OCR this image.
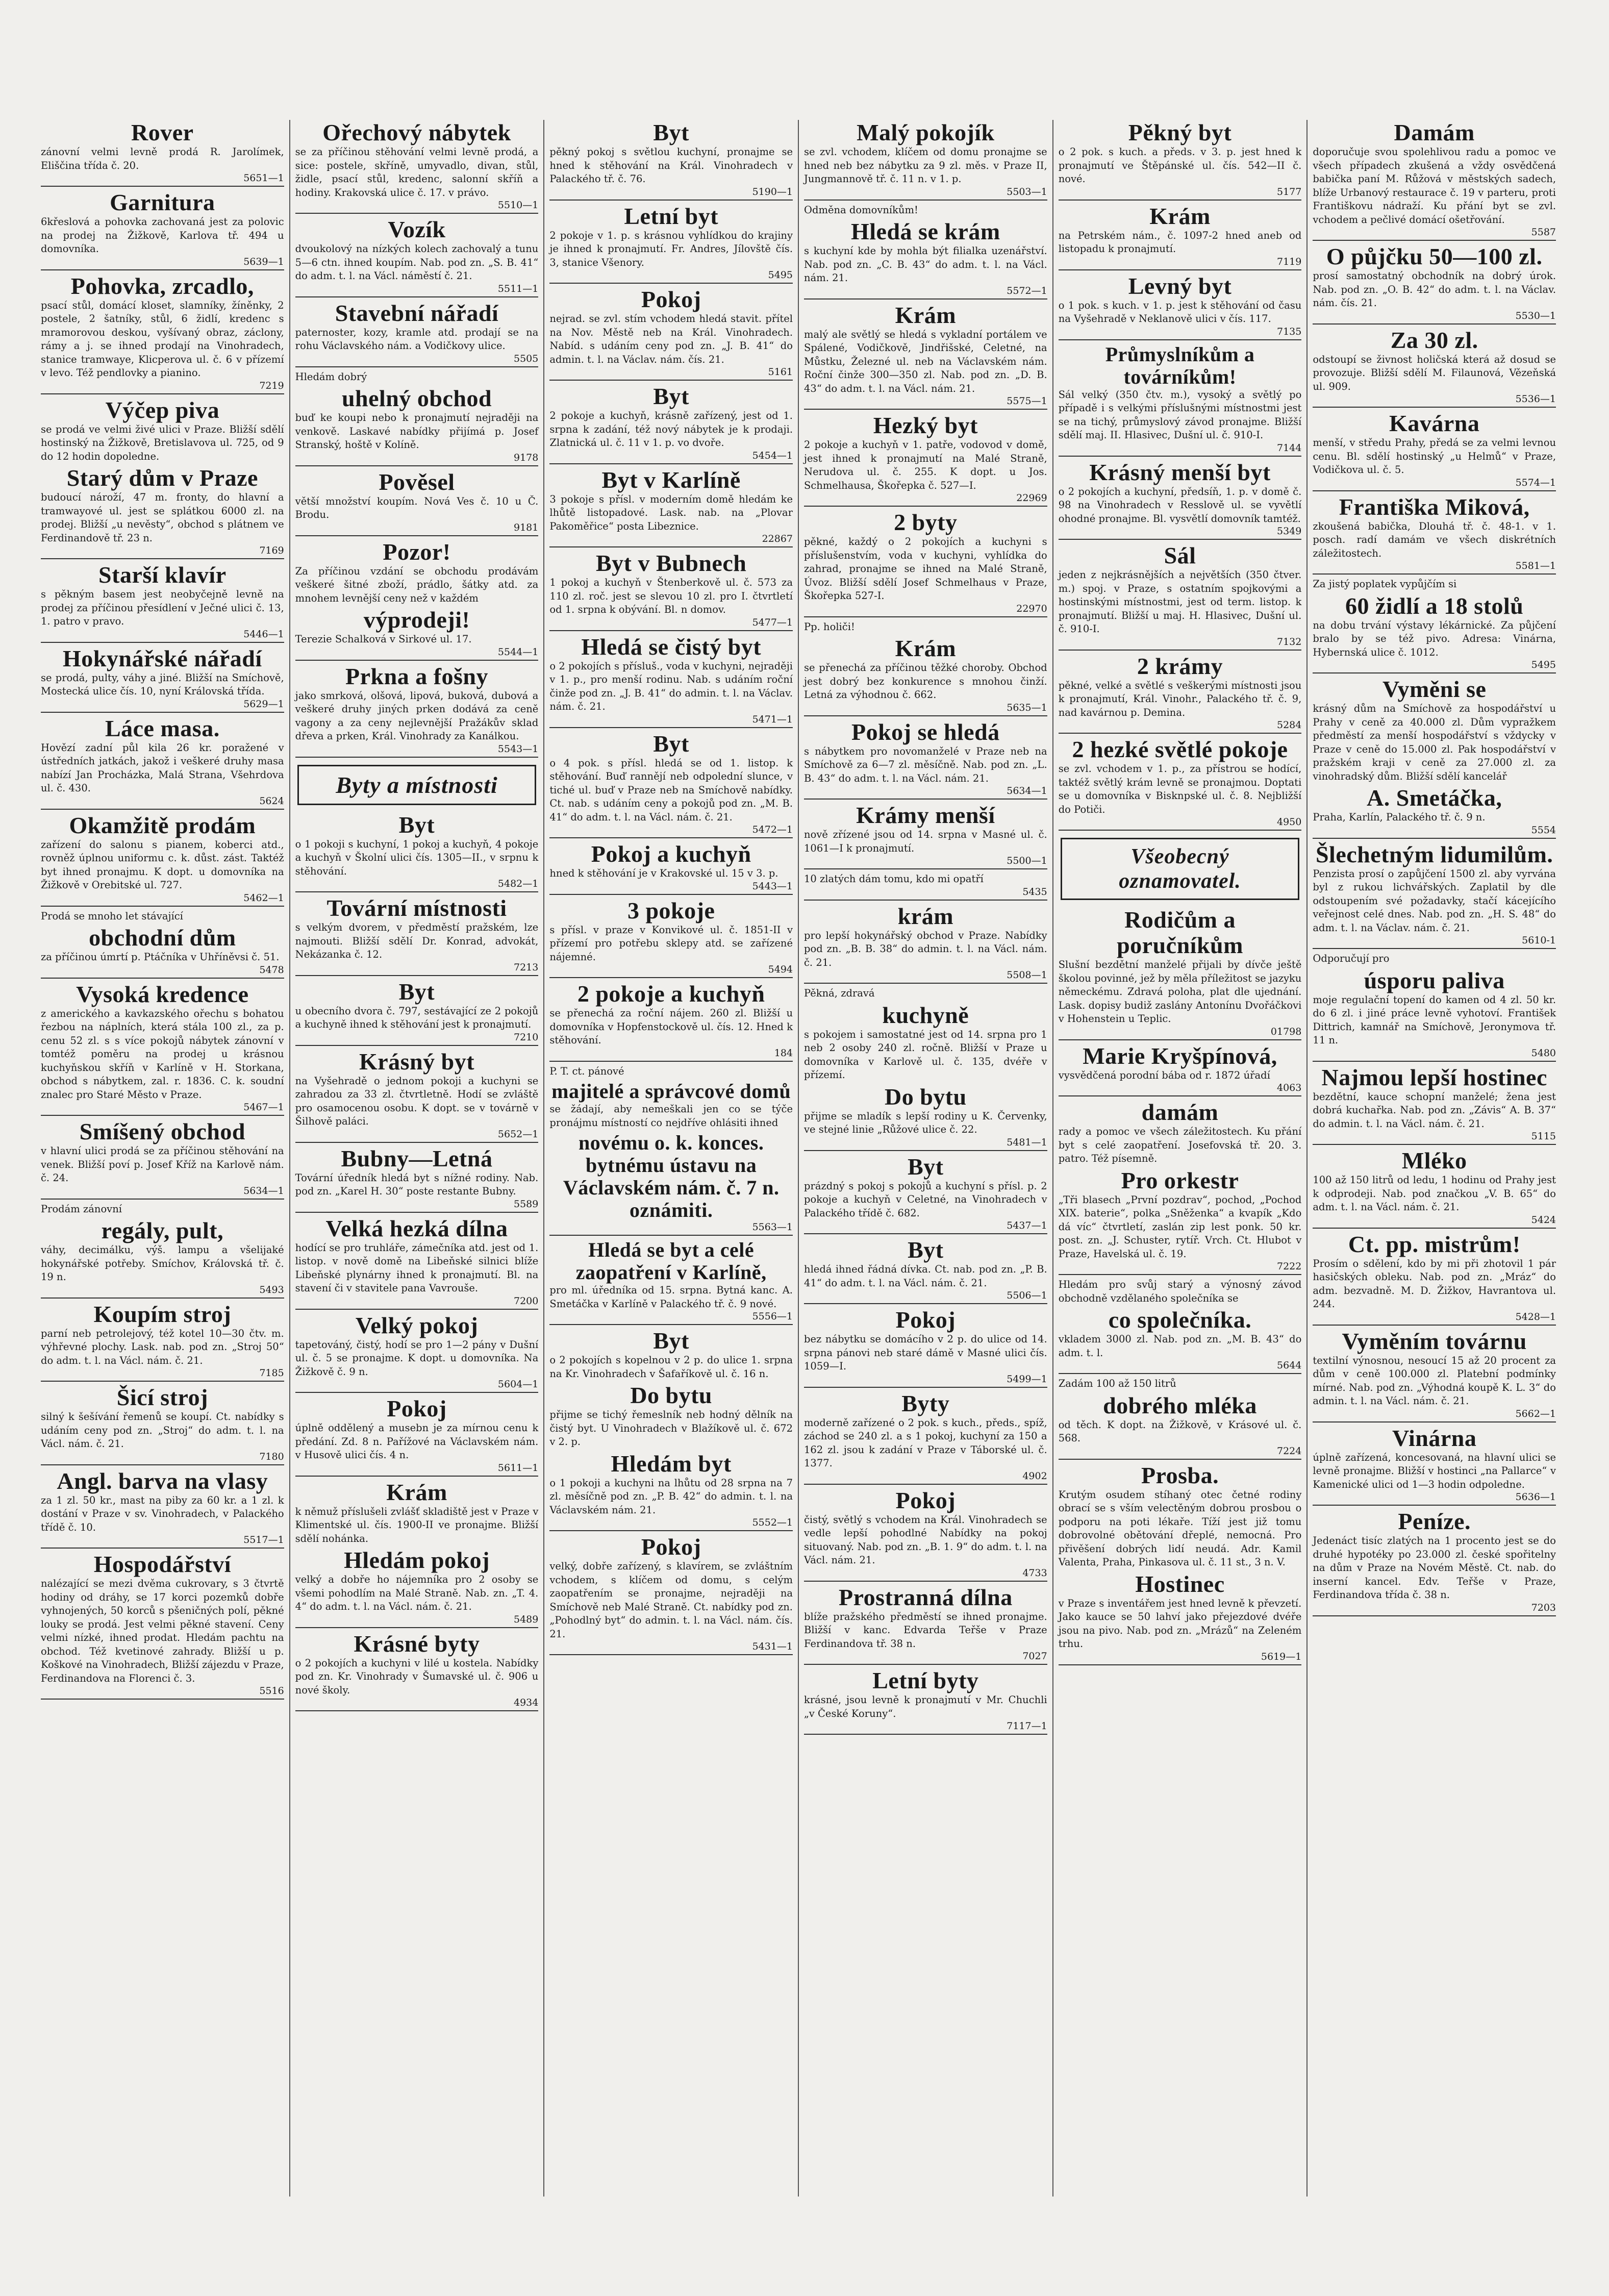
Rover

zánovní velmi levně prodá R. Jarolímek, Eliščina třída č. 20.

5651—1
Garnitura

6křeslová a pohovka zachovaná jest za polovic na prodej na Žižkově, Karlova tř. 494 u domovníka.

5639—1
Pohovka, zrcadlo,

psací stůl, domácí kloset, slamníky, žíněnky, 2 postele, 2 šatníky, stůl, 6 židlí, kredenc s mramorovou deskou, vyšívaný obraz, záclony, rámy a j. se ihned prodají na Vinohradech, stanice tramwaye, Klicperova ul. č. 6 v přízemí v levo. Též pendlovky a pianino.

7219
Výčep piva

se prodá ve velmi živé ulici v Praze. Bližší sdělí hostinský na Žižkově, Bretislavova ul. 725, od 9 do 12 hodin dopoledne.

Starý dům v Praze

budoucí nároží, 47 m. fronty, do hlavní a tramwayové ul. jest se splátkou 6000 zl. na prodej. Bližší „u nevěsty“, obchod s plátnem ve Ferdinandově tř. 23 n.

7169
Starší klavír

s pěkným basem jest neobyčejně levně na prodej za příčinou přesídlení v Ječné ulici č. 13, 1. patro v pravo.

5446—1
Hokynářské nářadí

se prodá, pulty, váhy a jiné. Bližší na Smíchově, Mostecká ulice čís. 10, nyní Královská třída.

5629—1
Láce masa.

Hovězí zadní půl kila 26 kr. poražené v ústředních jatkách, jakož i veškeré druhy masa nabízí Jan Procházka, Malá Strana, Všehrdova ul. č. 430.

5624
Okamžitě prodám

zařízení do salonu s pianem, koberci atd., rovněž úplnou uniformu c. k. důst. zást. Taktéž byt ihned pronajmu. K dopt. u domovníka na Žižkově v Orebitské ul. 727.

5462—1

Prodá se mnoho let stávající

obchodní dům

za příčinou úmrtí p. Ptáčníka v Uhříněvsi č. 51.

5478
Vysoká kredence

z amerického a kavkazského ořechu s bohatou řezbou na náplních, která stála 100 zl., za p. cenu 52 zl. s s více pokojů nábytek zánovní v tomtéž poměru na prodej u krásnou kuchyňskou skříň v Karlíně v H. Storkana, obchod s nábytkem, zal. r. 1836. C. k. soudní znalec pro Staré Město v Praze.

5467—1
Smíšený obchod

v hlavní ulici prodá se za příčinou stěhování na venek. Bližší poví p. Josef Kříž na Karlově nám. č. 24.

5634—1

Prodám zánovní

regály, pult,

váhy, decimálku, výš. lampu a všelijaké hokynářské potřeby. Smíchov, Královská tř. č. 19 n.

5493
Koupím stroj

parní neb petrolejový, též kotel 10—30 čtv. m. výhřevné plochy. Lask. nab. pod zn. „Stroj 50“ do adm. t. l. na Václ. nám. č. 21.

7185
Šicí stroj

silný k šešívání řemenů se koupí. Ct. nabídky s udáním ceny pod zn. „Stroj“ do adm. t. l. na Václ. nám. č. 21.

7180
Angl. barva na vlasy

za 1 zl. 50 kr., mast na piby za 60 kr. a 1 zl. k dostání v Praze v sv. Vinohradech, v Palackého třídě č. 10.

5517—1
Hospodářství

nalézající se mezi dvěma cukrovary, s 3 čtvrtě hodiny od dráhy, se 17 korci pozemků dobře vyhnojených, 50 korců s pšeničných polí, pěkné louky se prodá. Jest velmi pěkné stavení. Ceny velmi nízké, ihned prodat. Hledám pachtu na obchod. Též kvetinové zahrady. Bližší u p. Koškové na Vinohradech, Bližší zájezdu v Praze, Ferdinandova na Florenci č. 3.

5516
Ořechový nábytek

se za příčinou stěhování velmi levně prodá, a sice: postele, skříně, umyvadlo, divan, stůl, židle, psací stůl, kredenc, salonní skříň a hodiny. Krakovská ulice č. 17. v právo.

5510—1
Vozík

dvoukolový na nízkých kolech zachovalý a tunu 5—6 ctn. ihned koupím. Nab. pod zn. „S. B. 41“ do adm. t. l. na Václ. náměstí č. 21.

5511—1
Stavební nářadí

paternoster, kozy, kramle atd. prodají se na rohu Václavského nám. a Vodičkovy ulice.

5505

Hledám dobrý

uhelný obchod

buď ke koupi nebo k pronajmutí nejraději na venkově. Laskavé nabídky přijímá p. Josef Stranský, hoště v Kolíně.

9178
Pověsel

větší množství koupím. Nová Ves č. 10 u Č. Brodu.

9181
Pozor!

Za příčinou vzdání se obchodu prodávám veškeré šitné zboží, prádlo, šátky atd. za mnohem levnější ceny než v každém

výprodeji!

Terezie Schalková v Sirkové ul. 17.

5544—1
Prkna a fošny

jako smrková, olšová, lipová, buková, dubová a veškeré druhy jiných prken dodává za ceně vagony a za ceny nejlevnější Pražákův sklad dřeva a prken, Král. Vinohrady za Kanálkou.

5543—1
Byty a místnosti
Byt

o 1 pokoji s kuchyní, 1 pokoj a kuchyň, 4 pokoje a kuchyň v Školní ulici čís. 1305—II., v srpnu k stěhování.

5482—1
Tovární místnosti

s velkým dvorem, v předměstí pražském, lze najmouti. Bližší sdělí Dr. Konrad, advokát, Nekázanka č. 12.

7213
Byt

u obecního dvora č. 797, sestávající ze 2 pokojů a kuchyně ihned k stěhování jest k pronajmutí.

7210
Krásný byt

na Vyšehradě o jednom pokoji a kuchyni se zahradou za 33 zl. čtvrtletně. Hodí se zvláště pro osamocenou osobu. K dopt. se v továrně v Šilhově paláci.

5652—1
Bubny—Letná

Tovární úředník hledá byt s nížné rodiny. Nab. pod zn. „Karel H. 30“ poste restante Bubny.

5589
Velká hezká dílna

hodící se pro truhláře, zámečníka atd. jest od 1. listop. v nově domě na Libeňské silnici blíže Libeňské plynárny ihned k pronajmutí. Bl. na stavení či v stavitele pana Vavrouše.

7200
Velký pokoj

tapetováný, čistý, hodí se pro 1—2 pány v Dušní ul. č. 5 se pronajme. K dopt. u domovníka. Na Žižkově č. 9 n.

5604—1
Pokoj

úplně oddělený a musebn je za mírnou cenu k předání. Zd. 8 n. Pařížové na Václavském nám. v Husově ulici čís. 4 n.

5611—1
Krám

k němuž příslušeli zvlášť skladiště jest v Praze v Klimentské ul. čís. 1900-II ve pronajme. Bližší sdělí nohánka.

Hledám pokoj

velký a dobře ho nájemníka pro 2 osoby se všemi pohodlím na Malé Straně. Nab. zn. „T. 4. 4“ do adm. t. l. na Václ. nám. č. 21.

5489
Krásné byty

o 2 pokojích a kuchyni v lilé u kostela. Nabídky pod zn. Kr. Vinohrady v Šumavské ul. č. 906 u nové školy.

4934
Byt

pěkný pokoj s světlou kuchyní, pronajme se hned k stěhování na Král. Vinohradech v Palackého tř. č. 76.

5190—1
Letní byt

2 pokoje v 1. p. s krásnou vyhlídkou do krajiny je ihned k pronajmutí. Fr. Andres, Jílovště čís. 3, stanice Všenory.

5495
Pokoj

nejrad. se zvl. stím vchodem hledá stavit. přítel na Nov. Městě neb na Král. Vinohradech. Nabíd. s udáním ceny pod zn. „J. B. 41“ do admin. t. l. na Václav. nám. čís. 21.

5161
Byt

2 pokoje a kuchyň, krásně zařízený, jest od 1. srpna k zadání, též nový nábytek je k prodaji. Zlatnická ul. č. 11 v 1. p. vo dvoře.

5454—1
Byt v Karlíně

3 pokoje s přísl. v moderním domě hledám ke lhůtě listopadové. Lask. nab. na „Plovar Pakoměřice“ posta Libeznice.

22867
Byt v Bubnech

1 pokoj a kuchyň v Štenberkově ul. č. 573 za 110 zl. roč. jest se slevou 10 zl. pro I. čtvrtletí od 1. srpna k obývání. Bl. n domov.

5477—1
Hledá se čistý byt

o 2 pokojích s přísluš., voda v kuchyni, nejraději v 1. p., pro menší rodinu. Nab. s udáním roční činže pod zn. „J. B. 41“ do admin. t. l. na Václav. nám. č. 21.

5471—1
Byt

o 4 pok. s přísl. hledá se od 1. listop. k stěhování. Buď rannějí neb odpolední slunce, v tiché ul. buď v Praze neb na Smíchově nabídky. Ct. nab. s udáním ceny a pokojů pod zn. „M. B. 41“ do adm. t. l. na Václ. nám. č. 21.

5472—1
Pokoj a kuchyň

hned k stěhování je v Krakovské ul. 15 v 3. p.

5443—1
3 pokoje

s přísl. v praze v Konvikové ul. č. 1851-II v přízemí pro potřebu sklepy atd. se zařízené nájemné.

5494
2 pokoje a kuchyň

se přenechá za roční nájem. 260 zl. Bližší u domovníka v Hopfenstockově ul. čís. 12. Hned k stěhování.

184

P. T. ct. pánové

majitelé a správcové domů

se žádají, aby nemeškali jen co se týče pronájmu místností co nejdříve ohlásiti ihned

novému o. k. konces. bytnému ústavu na Václavském nám. č. 7 n. oznámiti.
5563—1
Hledá se byt a celé zaopatření v Karlíně,

pro ml. úředníka od 15. srpna. Bytná kanc. A. Smetáčka v Karlíně v Palackého tř. č. 9 nové.

5556—1
Byt

o 2 pokojích s kopelnou v 2 p. do ulice 1. srpna na Kr. Vinohradech v Šafaříkově ul. č. 16 n.

Do bytu

přijme se tichý řemeslník neb hodný dělník na čistý byt. U Vinohradech v Blažíkově ul. č. 672 v 2. p.

Hledám byt

o 1 pokoji a kuchyni na lhůtu od 28 srpna na 7 zl. měsíčně pod zn. „P. B. 42“ do admin. t. l. na Václavském nám. 21.

5552—1
Pokoj

velký, dobře zařízený, s klavírem, se zvláštním vchodem, s klíčem od domu, s celým zaopatřením se pronajme, nejraději na Smíchově neb Malé Straně. Ct. nabídky pod zn. „Pohodlný byt“ do admin. t. l. na Václ. nám. čís. 21.

5431—1
Malý pokojík

se zvl. vchodem, klíčem od domu pronajme se hned neb bez nábytku za 9 zl. měs. v Praze II, Jungmannově tř. č. 11 n. v 1. p.

5503—1

Odměna domovníkům!

Hledá se krám

s kuchyní kde by mohla být filialka uzenářství. Nab. pod zn. „C. B. 43“ do adm. t. l. na Václ. nám. 21.

5572—1
Krám

malý ale světlý se hledá s vykladní portálem ve Spálené, Vodičkově, Jindřišské, Celetné, na Můstku, Železné ul. neb na Václavském nám. Roční činže 300—350 zl. Nab. pod zn. „D. B. 43“ do adm. t. l. na Václ. nám. 21.

5575—1
Hezký byt

2 pokoje a kuchyň v 1. patře, vodovod v domě, jest ihned k pronajmutí na Malé Straně, Nerudova ul. č. 255. K dopt. u Jos. Schmelhausa, Škořepka č. 527—I.

22969
2 byty

pěkné, každý o 2 pokojích a kuchyni s příslušenstvím, voda v kuchyni, vyhlídka do zahrad, pronajme se ihned na Malé Straně, Úvoz. Bližší sdělí Josef Schmelhaus v Praze, Škořepka 527-I.

22970

Pp. holiči!

Krám

se přenechá za příčinou těžké choroby. Obchod jest dobrý bez konkurence s mnohou činží. Letná za výhodnou č. 662.

5635—1
Pokoj se hledá

s nábytkem pro novomanželé v Praze neb na Smíchově za 6—7 zl. měsíčně. Nab. pod zn. „L. B. 43“ do adm. t. l. na Václ. nám. 21.

5634—1
Krámy menší

nově zřízené jsou od 14. srpna v Masné ul. č. 1061—I k pronajmutí.

5500—1

10 zlatých dám tomu, kdo mi opatří

5435
krám

pro lepší hokynářský obchod v Praze. Nabídky pod zn. „B. B. 38“ do admin. t. l. na Václ. nám. č. 21.

5508—1

Pěkná, zdravá

kuchyně

s pokojem i samostatné jest od 14. srpna pro 1 neb 2 osoby 240 zl. ročně. Bližší v Praze u domovníka v Karlově ul. č. 135, dvéře v přízemí.

Do bytu

přijme se mladík s lepší rodiny u K. Červenky, ve stejné linie „Růžové ulice č. 22.

5481—1
Byt

prázdný s pokoj s pokojů a kuchyní s přísl. p. 2 pokoje a kuchyň v Celetné, na Vinohradech v Palackého třídě č. 682.

5437—1
Byt

hledá ihned řádná dívka. Ct. nab. pod zn. „P. B. 41“ do adm. t. l. na Václ. nám. č. 21.

5506—1
Pokoj

bez nábytku se domácího v 2 p. do ulice od 14. srpna pánovi neb staré dámě v Masné ulici čís. 1059—I.

5499—1
Byty

moderně zařízené o 2 pok. s kuch., předs., spíž, záchod se 240 zl. a s 1 pokoj, kuchyní za 150 a 162 zl. jsou k zadání v Praze v Táborské ul. č. 1377.

4902
Pokoj

čistý, světlý s vchodem na Král. Vinohradech se vedle lepší pohodlné Nabídky na pokoj situovaný. Nab. pod zn. „B. 1. 9“ do adm. t. l. na Václ. nám. 21.

4733
Prostranná dílna

blíže pražského předměstí se ihned pronajme. Bližší v kanc. Edvarda Teřše v Praze Ferdinandova tř. 38 n.

7027
Letní byty

krásné, jsou levně k pronajmutí v Mr. Chuchli „v České Koruny“.

7117—1
Pěkný byt

o 2 pok. s kuch. a předs. v 3. p. jest hned k pronajmutí ve Štěpánské ul. čís. 542—II č. nové.

5177
Krám

na Petrském nám., č. 1097-2 hned aneb od listopadu k pronajmutí.

7119
Levný byt

o 1 pok. s kuch. v 1. p. jest k stěhování od času na Vyšehradě v Neklanově ulici v čís. 117.

7135
Průmyslníkům a továrníkům!

Sál velký (350 čtv. m.), vysoký a světlý po případě i s velkými příslušnými místnostmi jest se na tichý, průmyslový závod pronajme. Bližší sdělí maj. II. Hlasivec, Dušní ul. č. 910-I.

7144
Krásný menší byt

o 2 pokojích a kuchyní, předsíň, 1. p. v domě č. 98 na Vinohradech v Resslově ul. se vyvětlí ohodné pronajme. Bl. vysvětlí domovník tamtéž.

5349
Sál

jeden z nejkrásnějších a největších (350 čtver. m.) spoj. v Praze, s ostatním spojkovými a hostinskými místnostmi, jest od term. listop. k pronajmutí. Bližší u maj. H. Hlasivec, Dušní ul. č. 910-I.

7132
2 krámy

pěkné, velké a světlé s veškerými místnosti jsou k pronajmutí, Král. Vinohr., Palackého tř. č. 9, nad kavárnou p. Demina.

5284
2 hezké světlé pokoje

se zvl. vchodem v 1. p., za přístrou se hodící, taktéž světlý krám levně se pronajmou. Doptati se u domovníka v Bisknpské ul. č. 8. Nejbližší do Potiči.

4950
Všeobecný
oznamovatel.
Rodičům a poručníkům

Slušní bezdětní manželé přijali by dívče ještě školou povinné, jež by měla příležitost se jazyku německému. Zdravá poloha, plat dle ujednání. Lask. dopisy budiž zaslány Antonínu Dvořáčkovi v Hohenstein u Teplic.

01798
Marie Kryšpínová,

vysvědčená porodní bába od r. 1872 úřadí

4063
damám

rady a pomoc ve všech záležitostech. Ku přání byt s celé zaopatření. Josefovská tř. 20. 3. patro. Též písemně.

Pro orkestr

„Tři blasech „První pozdrav“, pochod, „Pochod XIX. baterie“, polka „Sněženka“ a kvapík „Kdo dá víc“ čtvrtletí, zaslán zip lest ponk. 50 kr. post. zn. „J. Schuster, rytíř. Vrch. Ct. Hlubot v Praze, Havelská ul. č. 19.

7222

Hledám pro svůj starý a výnosný závod obchodně vzdělaného společníka se

co společníka.

vkladem 3000 zl. Nab. pod zn. „M. B. 43“ do adm. t. l.

5644

Zadám 100 až 150 litrů

dobrého mléka

od těch. K dopt. na Žižkově, v Krásové ul. č. 568.

7224
Prosba.

Krutým osudem stíhaný otec četné rodiny obrací se s vším velectěným dobrou prosbou o podporu na poti lékaře. Tíží jest již tomu dobrovolné obětování dřeplé, nemocná. Pro přivěšení dobrých lidí neudá. Adr. Kamil Valenta, Praha, Pinkasova ul. č. 11 st., 3 n. V.

Hostinec

v Praze s inventářem jest hned levně k převzetí. Jako kauce se 50 lahví jako přejezdové dvéře jsou na pivo. Nab. pod zn. „Mrázů“ na Zeleném trhu.

5619—1
Damám

doporučuje svou spolehlivou radu a pomoc ve všech případech zkušená a vždy osvědčená babička paní M. Růžová v městských sadech, blíže Urbanový restaurace č. 19 v parteru, proti Františkovu nádraží. Ku přání byt se zvl. vchodem a pečlivé domácí ošetřování.

5587
O půjčku 50—100 zl.

prosí samostatný obchodník na dobrý úrok. Nab. pod zn. „O. B. 42“ do adm. t. l. na Václav. nám. čís. 21.

5530—1
Za 30 zl.

odstoupí se živnost holičská která až dosud se provozuje. Bližší sdělí M. Filaunová, Vězeňská ul. 909.

5536—1
Kavárna

menší, v středu Prahy, předá se za velmi levnou cenu. Bl. sdělí hostinský „u Helmů“ v Praze, Vodičkova ul. č. 5.

5574—1
Františka Miková,

zkoušená babička, Dlouhá tř. č. 48-1. v 1. posch. radí damám ve všech diskrétních záležitostech.

5581—1

Za jistý poplatek vypůjčím si

60 židlí a 18 stolů

na dobu trvání výstavy lékárnické. Za půjčení bralo by se též pivo. Adresa: Vinárna, Hybernská ulice č. 1012.

5495
Vyměni se

krásný dům na Smíchově za hospodářství u Prahy v ceně za 40.000 zl. Dům vypražkem předměstí za menší hospodářství s vždycky v Praze v ceně do 15.000 zl. Pak hospodářství v pražském kraji v ceně za 27.000 zl. za vinohradský dům. Bližší sdělí kancelář

A. Smetáčka,

Praha, Karlín, Palackého tř. č. 9 n.

5554
Šlechetným lidumilům.

Penzista prosí o zapůjčení 1500 zl. aby vyrvána byl z rukou lichvářských. Zaplatil by dle odstoupením své požadavky, stačí kácejícího veřejnost celé dnes. Nab. pod zn. „H. S. 48“ do adm. t. l. na Václav. nám. č. 21.

5610-1

Odporučují pro

úsporu paliva

moje regulační topení do kamen od 4 zl. 50 kr. do 6 zl. i jiné práce levně vyhotoví. František Dittrich, kamnář na Smíchově, Jeronymova tř. 11 n.

5480
Najmou lepší hostinec

bezdětní, kauce schopní manželé; žena jest dobrá kuchařka. Nab. pod zn. „Závis“ A. B. 37“ do admin. t. l. na Václ. nám. č. 21.

5115
Mléko

100 až 150 litrů od ledu, 1 hodinu od Prahy jest k odprodeji. Nab. pod značkou „V. B. 65“ do adm. t. l. na Václ. nám. č. 21.

5424
Ct. pp. mistrům!

Prosím o sdělení, kdo by mi při zhotovil 1 pár hasičských obleku. Nab. pod zn. „Mráz“ do adm. bezvadně. M. D. Žižkov, Havrantova ul. 244.

5428—1
Vyměním továrnu

textilní výnosnou, nesoucí 15 až 20 procent za dům v ceně 100.000 zl. Platební podmínky mírné. Nab. pod zn. „Výhodná koupě K. L. 3“ do admin. t. l. na Václ. nám. č. 21.

5662—1
Vinárna

úplně zařízená, koncesovaná, na hlavní ulici se levně pronajme. Bližší v hostinci „na Pallarce“ v Kamenické ulici od 1—3 hodin odpoledne.

5636—1
Peníze.

Jedenáct tisíc zlatých na 1 procento jest se do druhé hypotéky po 23.000 zl. české spořitelny na dům v Praze na Novém Městě. Ct. nab. do inserní kancel. Edv. Teřše v Praze, Ferdinandova třída č. 38 n.

7203
